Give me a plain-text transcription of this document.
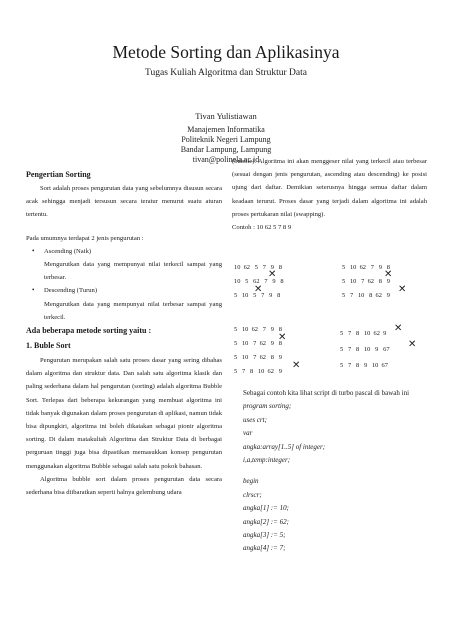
Metode Sorting dan Aplikasinya
Tugas Kuliah Algoritma dan Struktur Data
Tivan Yulistiawan
Manajemen Informatika
Politeknik Negeri Lampung
Bandar Lampung, Lampung
tivan@polinela.ac.id
Pengertian Sorting

Sort adalah proses pengurutan data yang sebelumnya disusun secara acak sehingga menjadi tersusun secara teratur menurut suatu aturan tertentu.

Pada umumnya terdapat 2 jenis pengurutan :

• Ascending (Naik)

Mengurutkan data yang mempunyai nilai terkecil sampai yang terbesar.

• Descending (Turun)

Mengurutkan data yang mempunyai nilai terbesar sampai yang terkecil.

Ada beberapa metode sorting yaitu :
1. Buble Sort

Pengurutan merupakan salah satu proses dasar yang sering dibahas dalam algoritma dan struktur data. Dan salah satu algoritma klasik dan paling sederhana dalam hal pengurutan (sorting) adalah algoritma Bubble Sort. Terlepas dari beberapa kekurangan yang membuat algoritma ini tidak banyak digunakan dalam proses pengurutan di aplikasi, namun tidak bisa dipungkiri, algoritma ini boleh dikatakan sebagai pionir algoritma sorting. Di dalam matakuliah Algoritma dan Struktur Data di berbagai perguruan tinggi juga bisa dipastikan memasukkan konsep pengurutan menggunakan algoritma Bubble sebagai salah satu pokok bahasan.

Algoritma bubble sort dalam proses pengurutan data secara sederhana bisa diibaratkan seperti halnya gelembung udara

(bubble). Algoritma ini akan menggeser nilai yang terkecil atau terbesar (sesuai dengan jenis pengurutan, ascending atau descending) ke posisi ujung dari daftar. Demikian seterusnya hingga semua daftar dalam keadaan terurut. Proses dasar yang terjadi dalam algoritma ini adalah proses pertukaran nilai (swapping).

Contoh : 10 62 5 7 8 9

10  62   5   7   9   8
10   5   62   7   9   8
5   10   5   7   9   8
5   10  62   7   9   8
5   10   7  62   8   9
5   7   10   8  62   9
5   10  62   7   9   8
5   10   7  62   9   8
5   10   7  62   8   9
5   7   8   10  62   9
5   7   8   10  62  9
5   7   8   10   9   67
5   7   8   9   10  67
✕
✕
✕
✕
✕
✕
✕
✕

Sebagai contoh kita lihat script di turbo pascal di bawah ini

program sorting;
uses crt;
var
angka:array[1..5] of integer;
i,a,temp:integer;
begin
clrscr;
angka[1] := 10;
angka[2] := 62;
angka[3] := 5;
angka[4] := 7;
